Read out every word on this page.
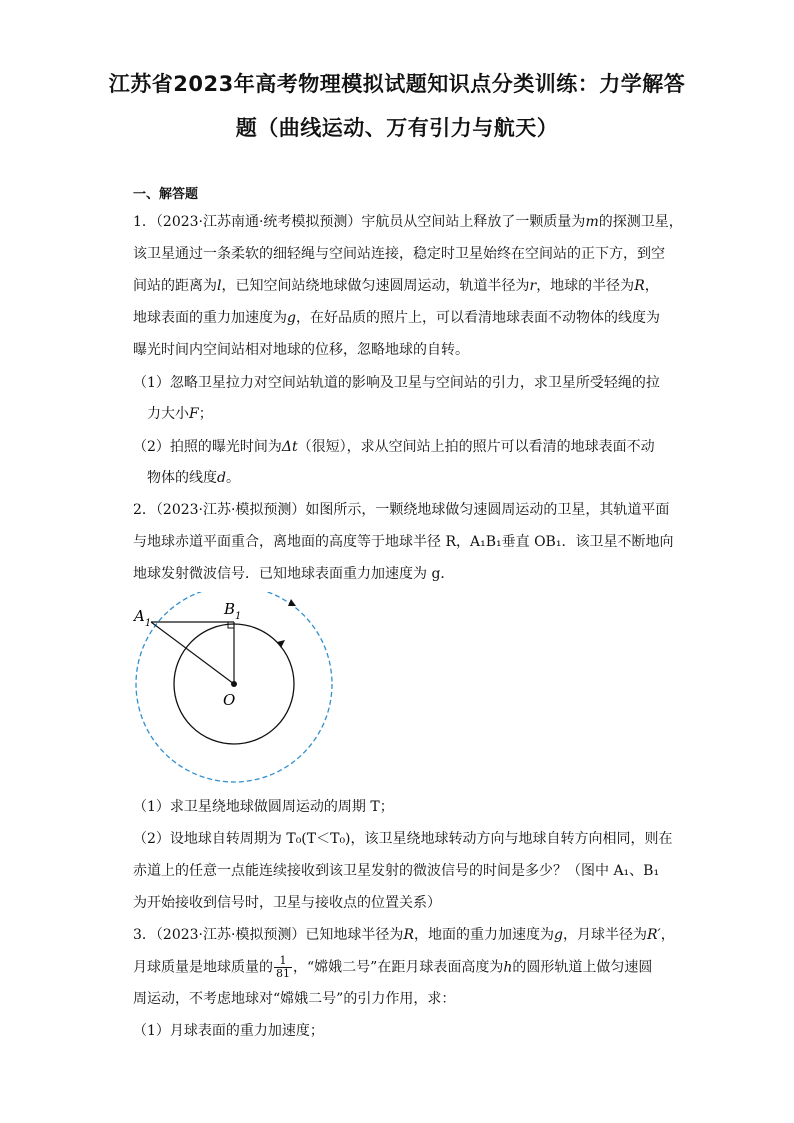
江苏省2023年高考物理模拟试题知识点分类训练：力学解答
题（曲线运动、万有引力与航天）
一、解答题
1．（2023·江苏南通·统考模拟预测）宇航员从空间站上释放了一颗质量为m的探测卫星，
该卫星通过一条柔软的细轻绳与空间站连接，稳定时卫星始终在空间站的正下方，到空
间站的距离为l，已知空间站绕地球做匀速圆周运动，轨道半径为r，地球的半径为R，
地球表面的重力加速度为g，在好品质的照片上，可以看清地球表面不动物体的线度为
曝光时间内空间站相对地球的位移，忽略地球的自转。
（1）忽略卫星拉力对空间站轨道的影响及卫星与空间站的引力，求卫星所受轻绳的拉
力大小F；
（2）拍照的曝光时间为Δt（很短），求从空间站上拍的照片可以看清的地球表面不动
物体的线度d。
2．（2023·江苏·模拟预测）如图所示，一颗绕地球做匀速圆周运动的卫星，其轨道平面
与地球赤道平面重合，离地面的高度等于地球半径 R，A₁B₁垂直 OB₁．该卫星不断地向
地球发射微波信号．已知地球表面重力加速度为 g．
$A_1$
$B_1$
O
（1）求卫星绕地球做圆周运动的周期 T；
（2）设地球自转周期为 T₀(T＜T₀)，该卫星绕地球转动方向与地球自转方向相同，则在
赤道上的任意一点能连续接收到该卫星发射的微波信号的时间是多少？（图中 A₁、B₁
为开始接收到信号时，卫星与接收点的位置关系）
3．（2023·江苏·模拟预测）已知地球半径为R，地面的重力加速度为g，月球半径为R′，
月球质量是地球质量的 $\frac{1}{81}$ ，“嫦娥二号”在距月球表面高度为h的圆形轨道上做匀速圆
周运动，不考虑地球对“嫦娥二号”的引力作用，求：
（1）月球表面的重力加速度；
